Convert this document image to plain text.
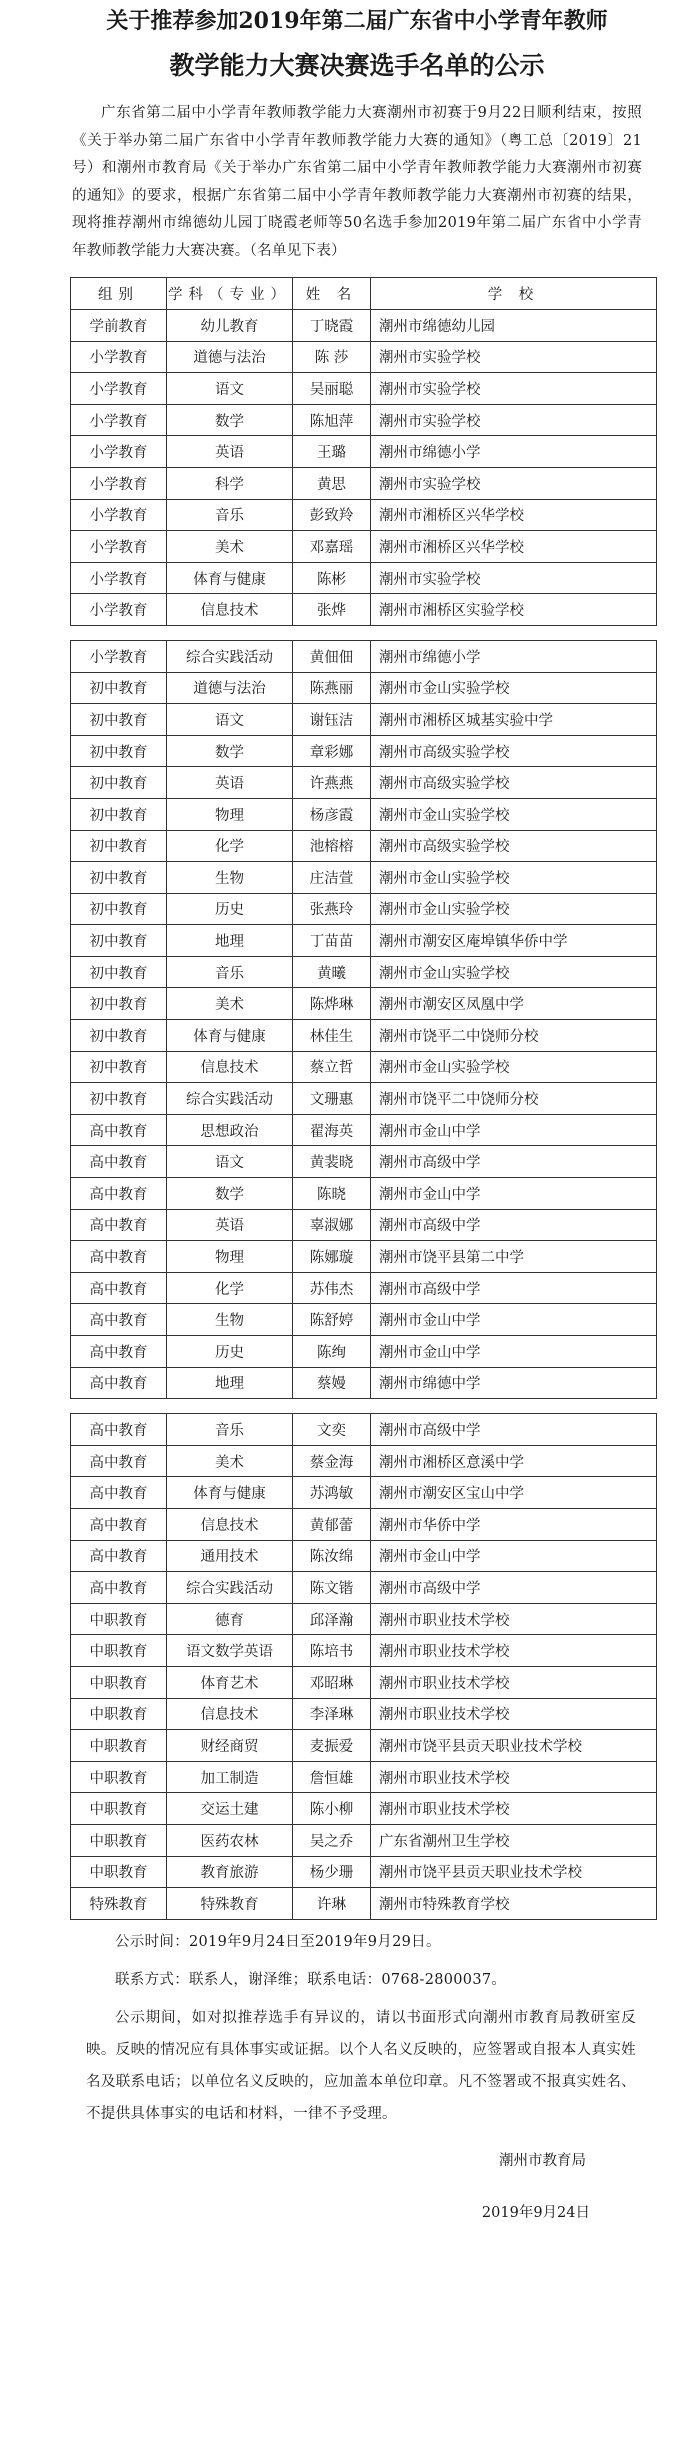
关于推荐参加2019年第二届广东省中小学青年教师
教学能力大赛决赛选手名单的公示

广东省第二届中小学青年教师教学能力大赛潮州市初赛于9月22日顺利结束，按照《关于举办第二届广东省中小学青年教师教学能力大赛的通知》（粤工总〔2019〕21号）和潮州市教育局《关于举办广东省第二届中小学青年教师教学能力大赛潮州市初赛的通知》的要求，根据广东省第二届中小学青年教师教学能力大赛潮州市初赛的结果，现将推荐潮州市绵德幼儿园丁晓霞老师等50名选手参加2019年第二届广东省中小学青年教师教学能力大赛决赛。（名单见下表）

组别	学科（专业）	姓 名	学 校
学前教育	幼儿教育	丁晓霞	潮州市绵德幼儿园
小学教育	道德与法治	陈 莎	潮州市实验学校
小学教育	语文	吴丽聪	潮州市实验学校
小学教育	数学	陈旭萍	潮州市实验学校
小学教育	英语	王璐	潮州市绵德小学
小学教育	科学	黄思	潮州市实验学校
小学教育	音乐	彭致羚	潮州市湘桥区兴华学校
小学教育	美术	邓嘉瑶	潮州市湘桥区兴华学校
小学教育	体育与健康	陈彬	潮州市实验学校
小学教育	信息技术	张烨	潮州市湘桥区实验学校

小学教育	综合实践活动	黄佃佃	潮州市绵德小学
初中教育	道德与法治	陈燕丽	潮州市金山实验学校
初中教育	语文	谢钰洁	潮州市湘桥区城基实验中学
初中教育	数学	章彩娜	潮州市高级实验学校
初中教育	英语	许燕燕	潮州市高级实验学校
初中教育	物理	杨彦霞	潮州市金山实验学校
初中教育	化学	池榕榕	潮州市高级实验学校
初中教育	生物	庄洁萱	潮州市金山实验学校
初中教育	历史	张燕玲	潮州市金山实验学校
初中教育	地理	丁苗苗	潮州市潮安区庵埠镇华侨中学
初中教育	音乐	黄曦	潮州市金山实验学校
初中教育	美术	陈烨琳	潮州市潮安区凤凰中学
初中教育	体育与健康	林佳生	潮州市饶平二中饶师分校
初中教育	信息技术	蔡立哲	潮州市金山实验学校
初中教育	综合实践活动	文珊惠	潮州市饶平二中饶师分校
高中教育	思想政治	翟海英	潮州市金山中学
高中教育	语文	黄裴晓	潮州市高级中学
高中教育	数学	陈晓	潮州市金山中学
高中教育	英语	辜淑娜	潮州市高级中学
高中教育	物理	陈娜璇	潮州市饶平县第二中学
高中教育	化学	苏伟杰	潮州市高级中学
高中教育	生物	陈舒婷	潮州市金山中学
高中教育	历史	陈绚	潮州市金山中学
高中教育	地理	蔡嫚	潮州市绵德中学

高中教育	音乐	文奕	潮州市高级中学
高中教育	美术	蔡金海	潮州市湘桥区意溪中学
高中教育	体育与健康	苏鸿敏	潮州市潮安区宝山中学
高中教育	信息技术	黄郁蕾	潮州市华侨中学
高中教育	通用技术	陈汝绵	潮州市金山中学
高中教育	综合实践活动	陈文锴	潮州市高级中学
中职教育	德育	邱泽瀚	潮州市职业技术学校
中职教育	语文数学英语	陈培书	潮州市职业技术学校
中职教育	体育艺术	邓昭琳	潮州市职业技术学校
中职教育	信息技术	李泽琳	潮州市职业技术学校
中职教育	财经商贸	麦振爱	潮州市饶平县贡天职业技术学校
中职教育	加工制造	詹恒雄	潮州市职业技术学校
中职教育	交运土建	陈小柳	潮州市职业技术学校
中职教育	医药农林	吴之乔	广东省潮州卫生学校
中职教育	教育旅游	杨少珊	潮州市饶平县贡天职业技术学校
特殊教育	特殊教育	许琳	潮州市特殊教育学校

公示时间：2019年9月24日至2019年9月29日。

联系方式：联系人，谢泽维；联系电话：0768-2800037。

公示期间，如对拟推荐选手有异议的，请以书面形式向潮州市教育局教研室反映。反映的情况应有具体事实或证据。以个人名义反映的，应签署或自报本人真实姓名及联系电话；以单位名义反映的，应加盖本单位印章。凡不签署或不报真实姓名、不提供具体事实的电话和材料，一律不予受理。

潮州市教育局
2019年9月24日
